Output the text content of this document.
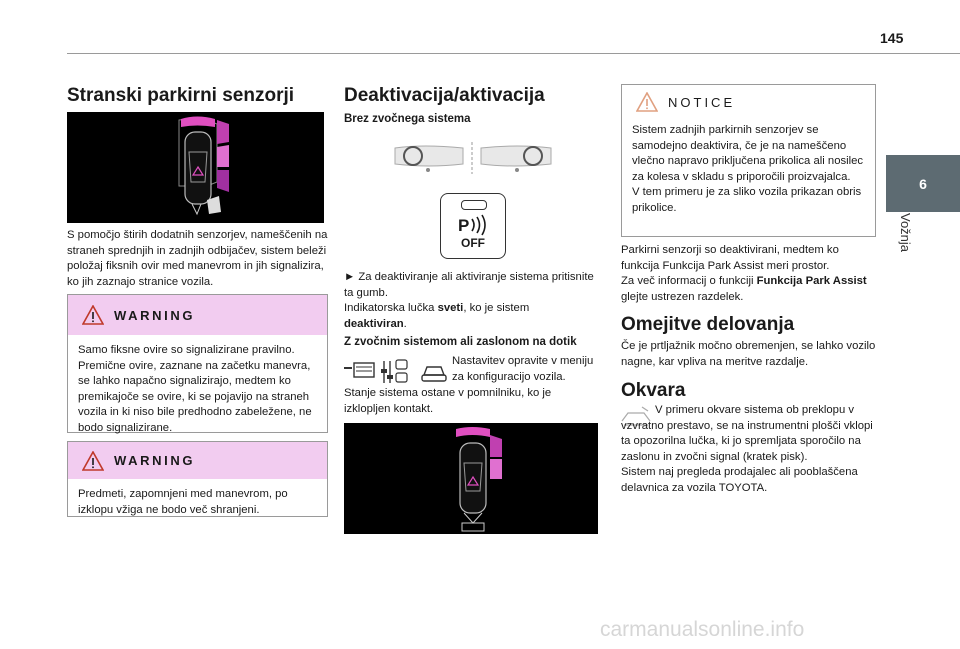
145
6
Vožnja
Stranski parkirni senzorji
S pomočjo štirih dodatnih senzorjev, nameščenih na straneh sprednjih in zadnjih odbijačev, sistem beleži položaj fiksnih ovir med manevrom in jih signalizira, ko jih zaznajo stranice vozila.
WARNING
Samo fiksne ovire so signalizirane pravilno. Premične ovire, zaznane na začetku manevra, se lahko napačno signalizirajo, medtem ko premikajoče se ovire, ki se pojavijo na straneh vozila in ki niso bile predhodno zabeležene, ne bodo signalizirane.
WARNING
Predmeti, zapomnjeni med manevrom, po izklopu vžiga ne bodo več shranjeni.
Deaktivacija/aktivacija
Brez zvočnega sistema
P
OFF
► Za deaktiviranje ali aktiviranje sistema pritisnite ta gumb.
Indikatorska lučka sveti, ko je sistem
deaktiviran.
Z zvočnim sistemom ali zaslonom na dotik
Nastavitev opravite v meniju za konfiguracijo vozila.
Stanje sistema ostane v pomnilniku, ko je izklopljen kontakt.
NOTICE
Sistem zadnjih parkirnih senzorjev se samodejno deaktivira, če je na nameščeno vlečno napravo priključena prikolica ali nosilec za kolesa v skladu s priporočili proizvajalca.
V tem primeru je za sliko vozila prikazan obris prikolice.
Parkirni senzorji so deaktivirani, medtem ko funkcija Funkcija Park Assist meri prostor.
Za več informacij o funkciji Funkcija Park Assist glejte ustrezen razdelek.
Omejitve delovanja
Če je prtljažnik močno obremenjen, se lahko vozilo nagne, kar vpliva na meritve razdalje.
Okvara
V primeru okvare sistema ob preklopu v vzvratno prestavo, se na instrumentni plošči vklopi ta opozorilna lučka, ki jo spremljata sporočilo na zaslonu in zvočni signal (kratek pisk).
Sistem naj pregleda prodajalec ali pooblaščena delavnica za vozila TOYOTA.
carmanualsonline.info
